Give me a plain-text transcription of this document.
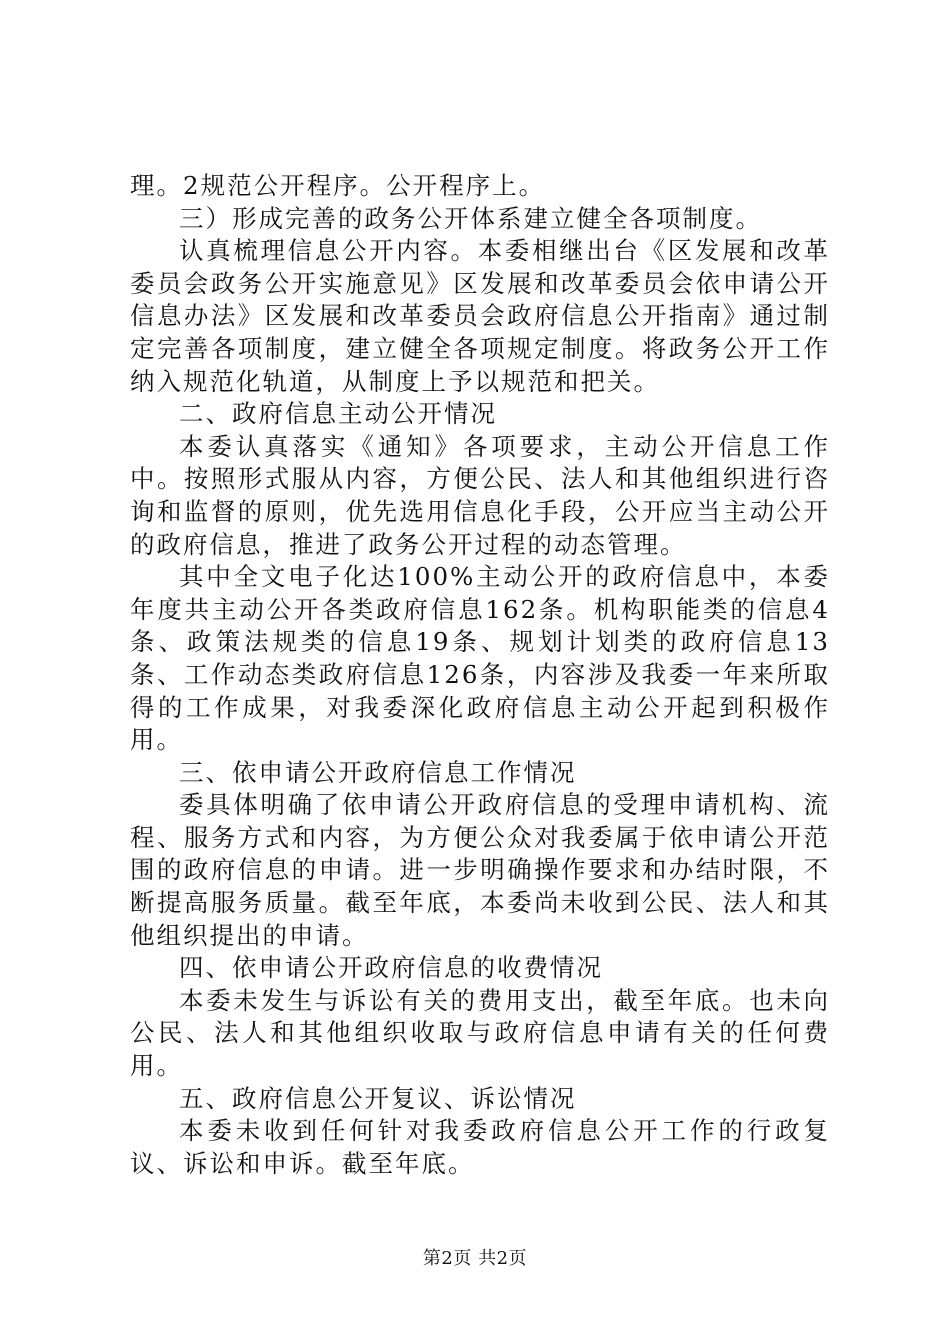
理。2规范公开程序。公开程序上。

三）形成完善的政务公开体系建立健全各项制度。

认真梳理信息公开内容。本委相继出台《区发展和改革委员会政务公开实施意见》区发展和改革委员会依申请公开信息办法》区发展和改革委员会政府信息公开指南》通过制定完善各项制度，建立健全各项规定制度。将政务公开工作纳入规范化轨道，从制度上予以规范和把关。

二、政府信息主动公开情况

本委认真落实《通知》各项要求，主动公开信息工作中。按照形式服从内容，方便公民、法人和其他组织进行咨询和监督的原则，优先选用信息化手段，公开应当主动公开的政府信息，推进了政务公开过程的动态管理。

其中全文电子化达100%主动公开的政府信息中，本委年度共主动公开各类政府信息162条。机构职能类的信息4条、政策法规类的信息19条、规划计划类的政府信息13条、工作动态类政府信息126条，内容涉及我委一年来所取得的工作成果，对我委深化政府信息主动公开起到积极作用。

三、依申请公开政府信息工作情况

委具体明确了依申请公开政府信息的受理申请机构、流程、服务方式和内容，为方便公众对我委属于依申请公开范围的政府信息的申请。进一步明确操作要求和办结时限，不断提高服务质量。截至年底，本委尚未收到公民、法人和其他组织提出的申请。

四、依申请公开政府信息的收费情况

本委未发生与诉讼有关的费用支出，截至年底。也未向公民、法人和其他组织收取与政府信息申请有关的任何费用。

五、政府信息公开复议、诉讼情况

本委未收到任何针对我委政府信息公开工作的行政复议、诉讼和申诉。截至年底。

第2页 共2页
